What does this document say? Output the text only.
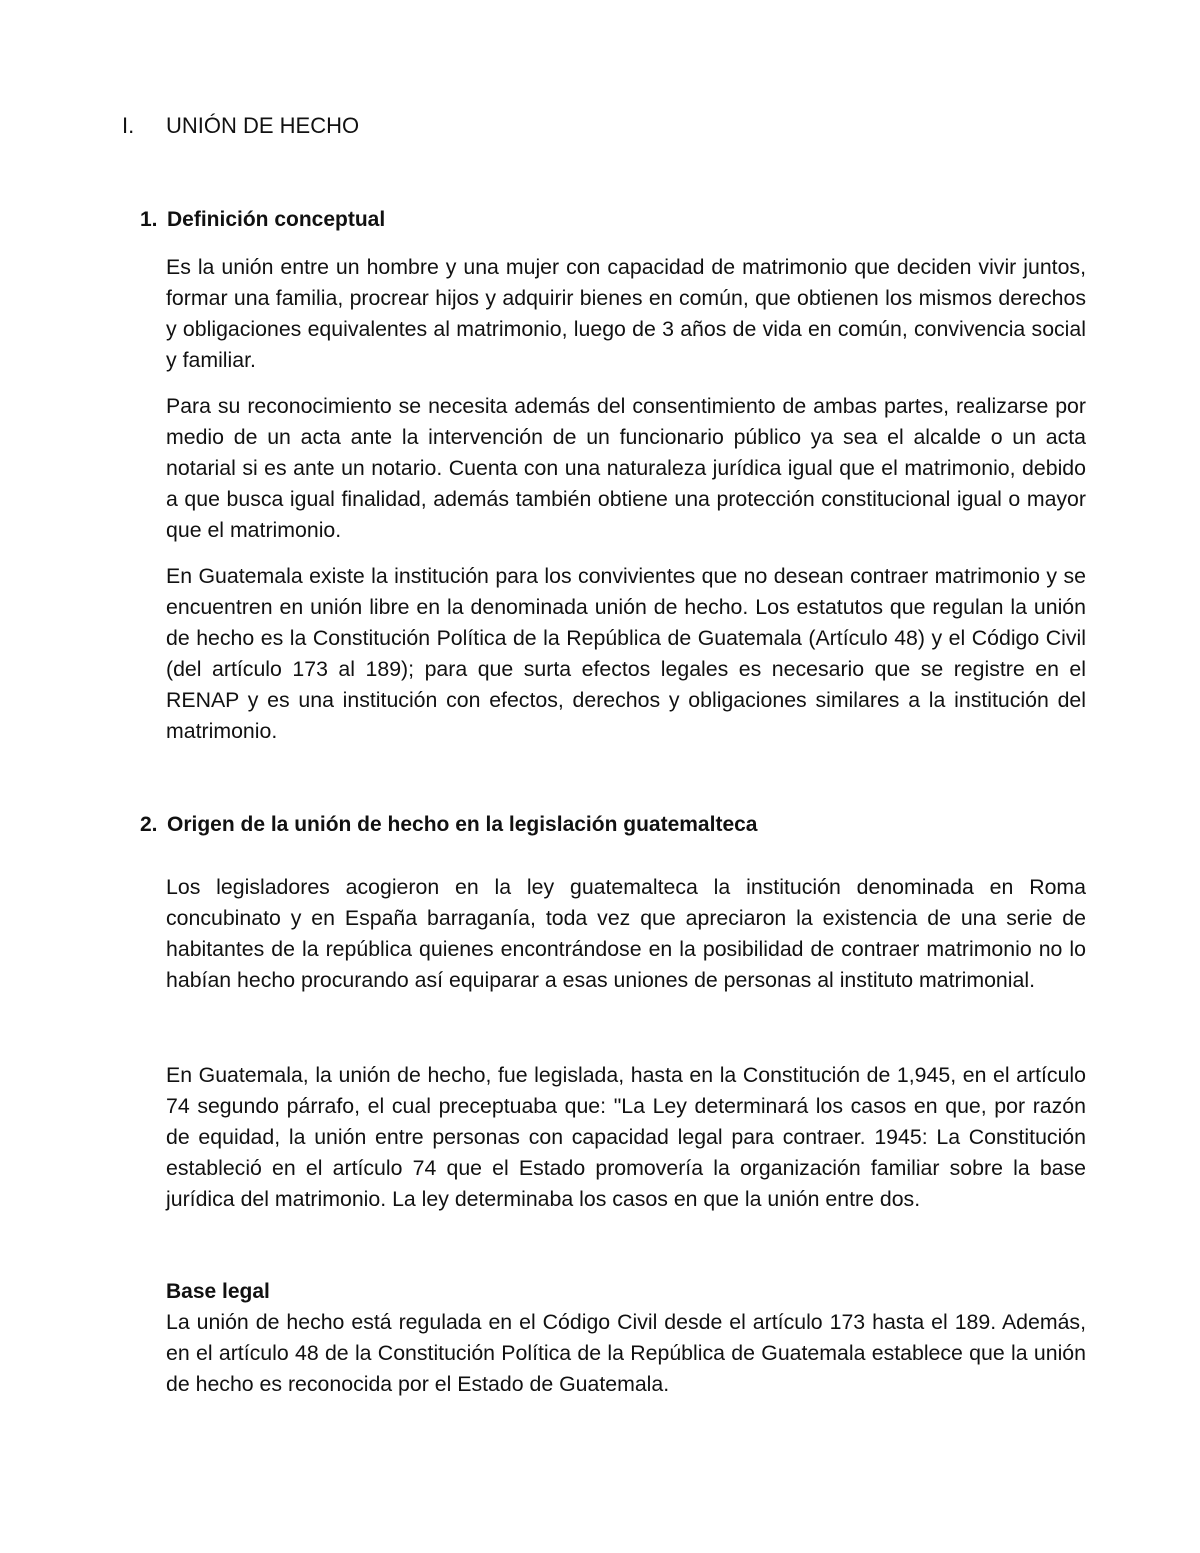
I. UNIÓN DE HECHO
1. Definición conceptual

Es la unión entre un hombre y una mujer con capacidad de matrimonio que deciden vivir juntos, formar una familia, procrear hijos y adquirir bienes en común, que obtienen los mismos derechos y obligaciones equivalentes al matrimonio, luego de 3 años de vida en común, convivencia social y familiar.

Para su reconocimiento se necesita además del consentimiento de ambas partes, realizarse por medio de un acta ante la intervención de un funcionario público ya sea el alcalde o un acta notarial si es ante un notario. Cuenta con una naturaleza jurídica igual que el matrimonio, debido a que busca igual finalidad, además también obtiene una protección constitucional igual o mayor que el matrimonio.

En Guatemala existe la institución para los convivientes que no desean contraer matrimonio y se encuentren en unión libre en la denominada unión de hecho. Los estatutos que regulan la unión de hecho es la Constitución Política de la República de Guatemala (Artículo 48) y el Código Civil (del artículo 173 al 189); para que surta efectos legales es necesario que se registre en el RENAP y es una institución con efectos, derechos y obligaciones similares a la institución del matrimonio.

2. Origen de la unión de hecho en la legislación guatemalteca

Los legisladores acogieron en la ley guatemalteca la institución denominada en Roma concubinato y en España barraganía, toda vez que apreciaron la existencia de una serie de habitantes de la república quienes encontrándose en la posibilidad de contraer matrimonio no lo habían hecho procurando así equiparar a esas uniones de personas al instituto matrimonial.

En Guatemala, la unión de hecho, fue legislada, hasta en la Constitución de 1,945, en el artículo 74 segundo párrafo, el cual preceptuaba que: "La Ley determinará los casos en que, por razón de equidad, la unión entre personas con capacidad legal para contraer. 1945: La Constitución estableció en el artículo 74 que el Estado promovería la organización familiar sobre la base jurídica del matrimonio. La ley determinaba los casos en que la unión entre dos.

Base legal

La unión de hecho está regulada en el Código Civil desde el artículo 173 hasta el 189. Además, en el artículo 48 de la Constitución Política de la República de Guatemala establece que la unión de hecho es reconocida por el Estado de Guatemala.
